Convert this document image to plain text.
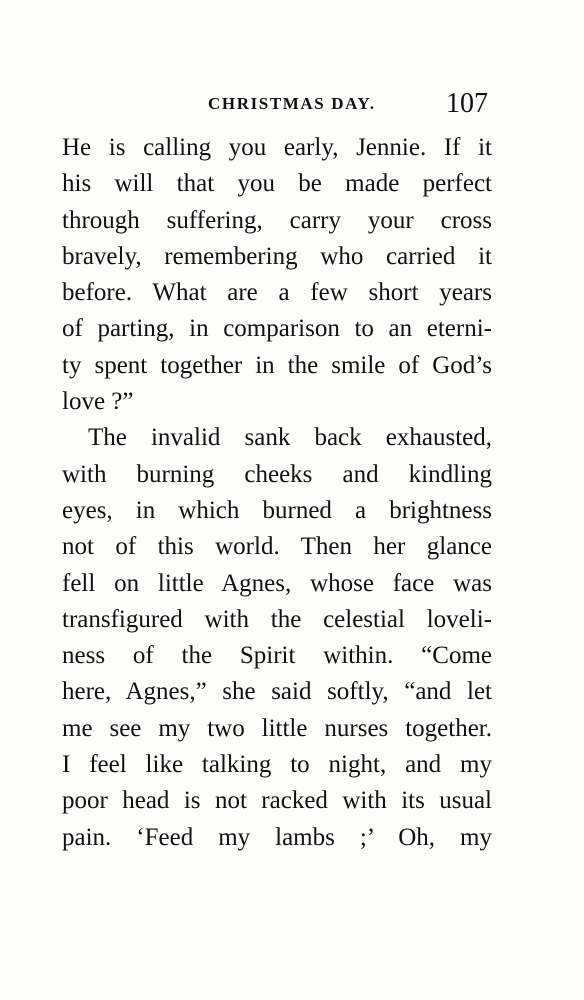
CHRISTMAS DAY.	107
He is calling you early, Jennie. If it
his will that you be made perfect
through suffering, carry your cross
bravely, remembering who carried it
before. What are a few short years
of parting, in comparison to an eterni-
ty spent together in the smile of God’s
love ?”
The invalid sank back exhausted,
with burning cheeks and kindling
eyes, in which burned a brightness
not of this world. Then her glance
fell on little Agnes, whose face was
transfigured with the celestial loveli-
ness of the Spirit within. “Come
here, Agnes,” she said softly, “and let
me see my two little nurses together.
I feel like talking to night, and my
poor head is not racked with its usual
pain. ‘Feed my lambs ;’ Oh, my
